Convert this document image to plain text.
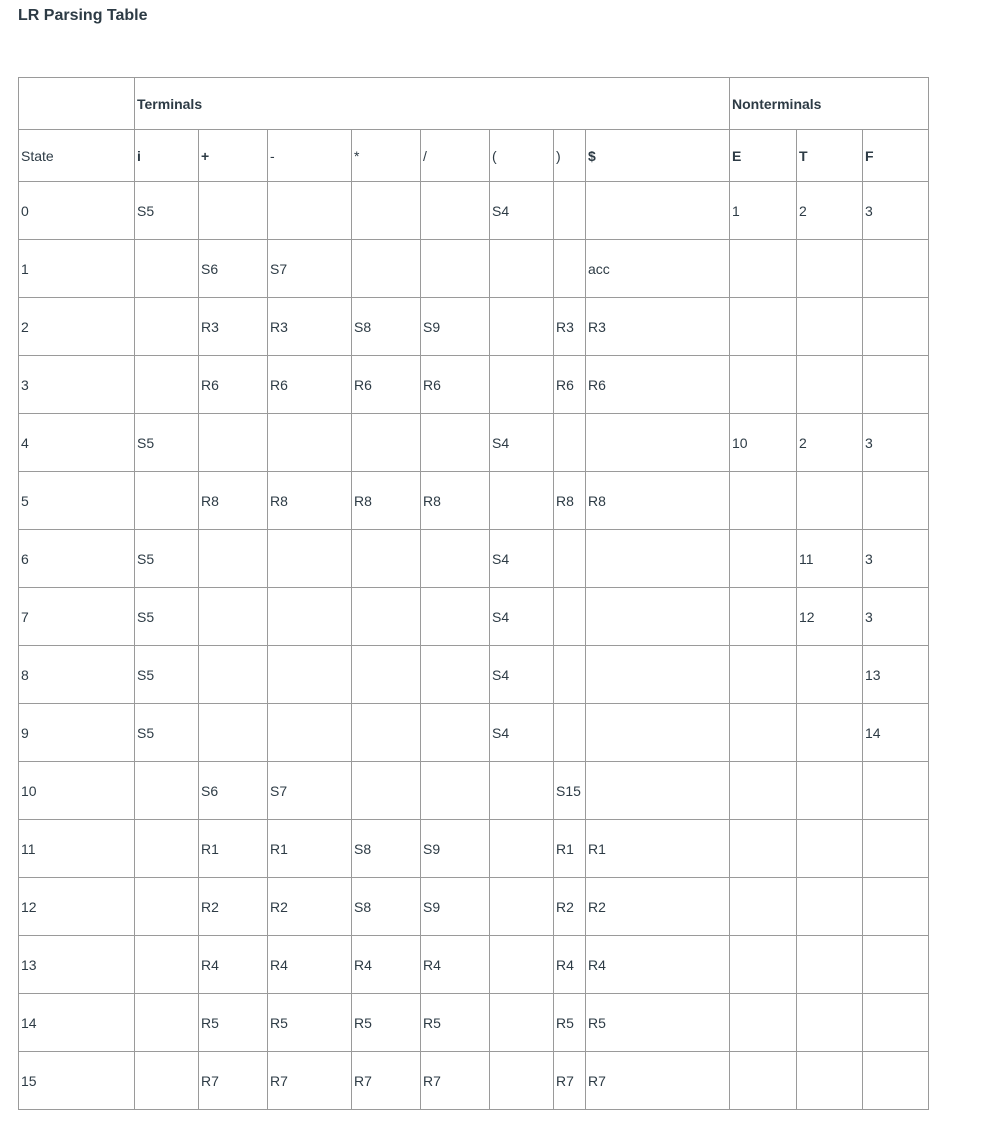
LR Parsing Table
	Terminals								Nonterminals		
State	i	+	-	*	/	(	)	$	E	T	F
0	S5					S4			1	2	3
1		S6	S7					acc			
2		R3	R3	S8	S9		R3	R3			
3		R6	R6	R6	R6		R6	R6			
4	S5					S4			10	2	3
5		R8	R8	R8	R8		R8	R8			
6	S5					S4				11	3
7	S5					S4				12	3
8	S5					S4					13
9	S5					S4					14
10		S6	S7				S15				
11		R1	R1	S8	S9		R1	R1			
12		R2	R2	S8	S9		R2	R2			
13		R4	R4	R4	R4		R4	R4			
14		R5	R5	R5	R5		R5	R5			
15		R7	R7	R7	R7		R7	R7			
